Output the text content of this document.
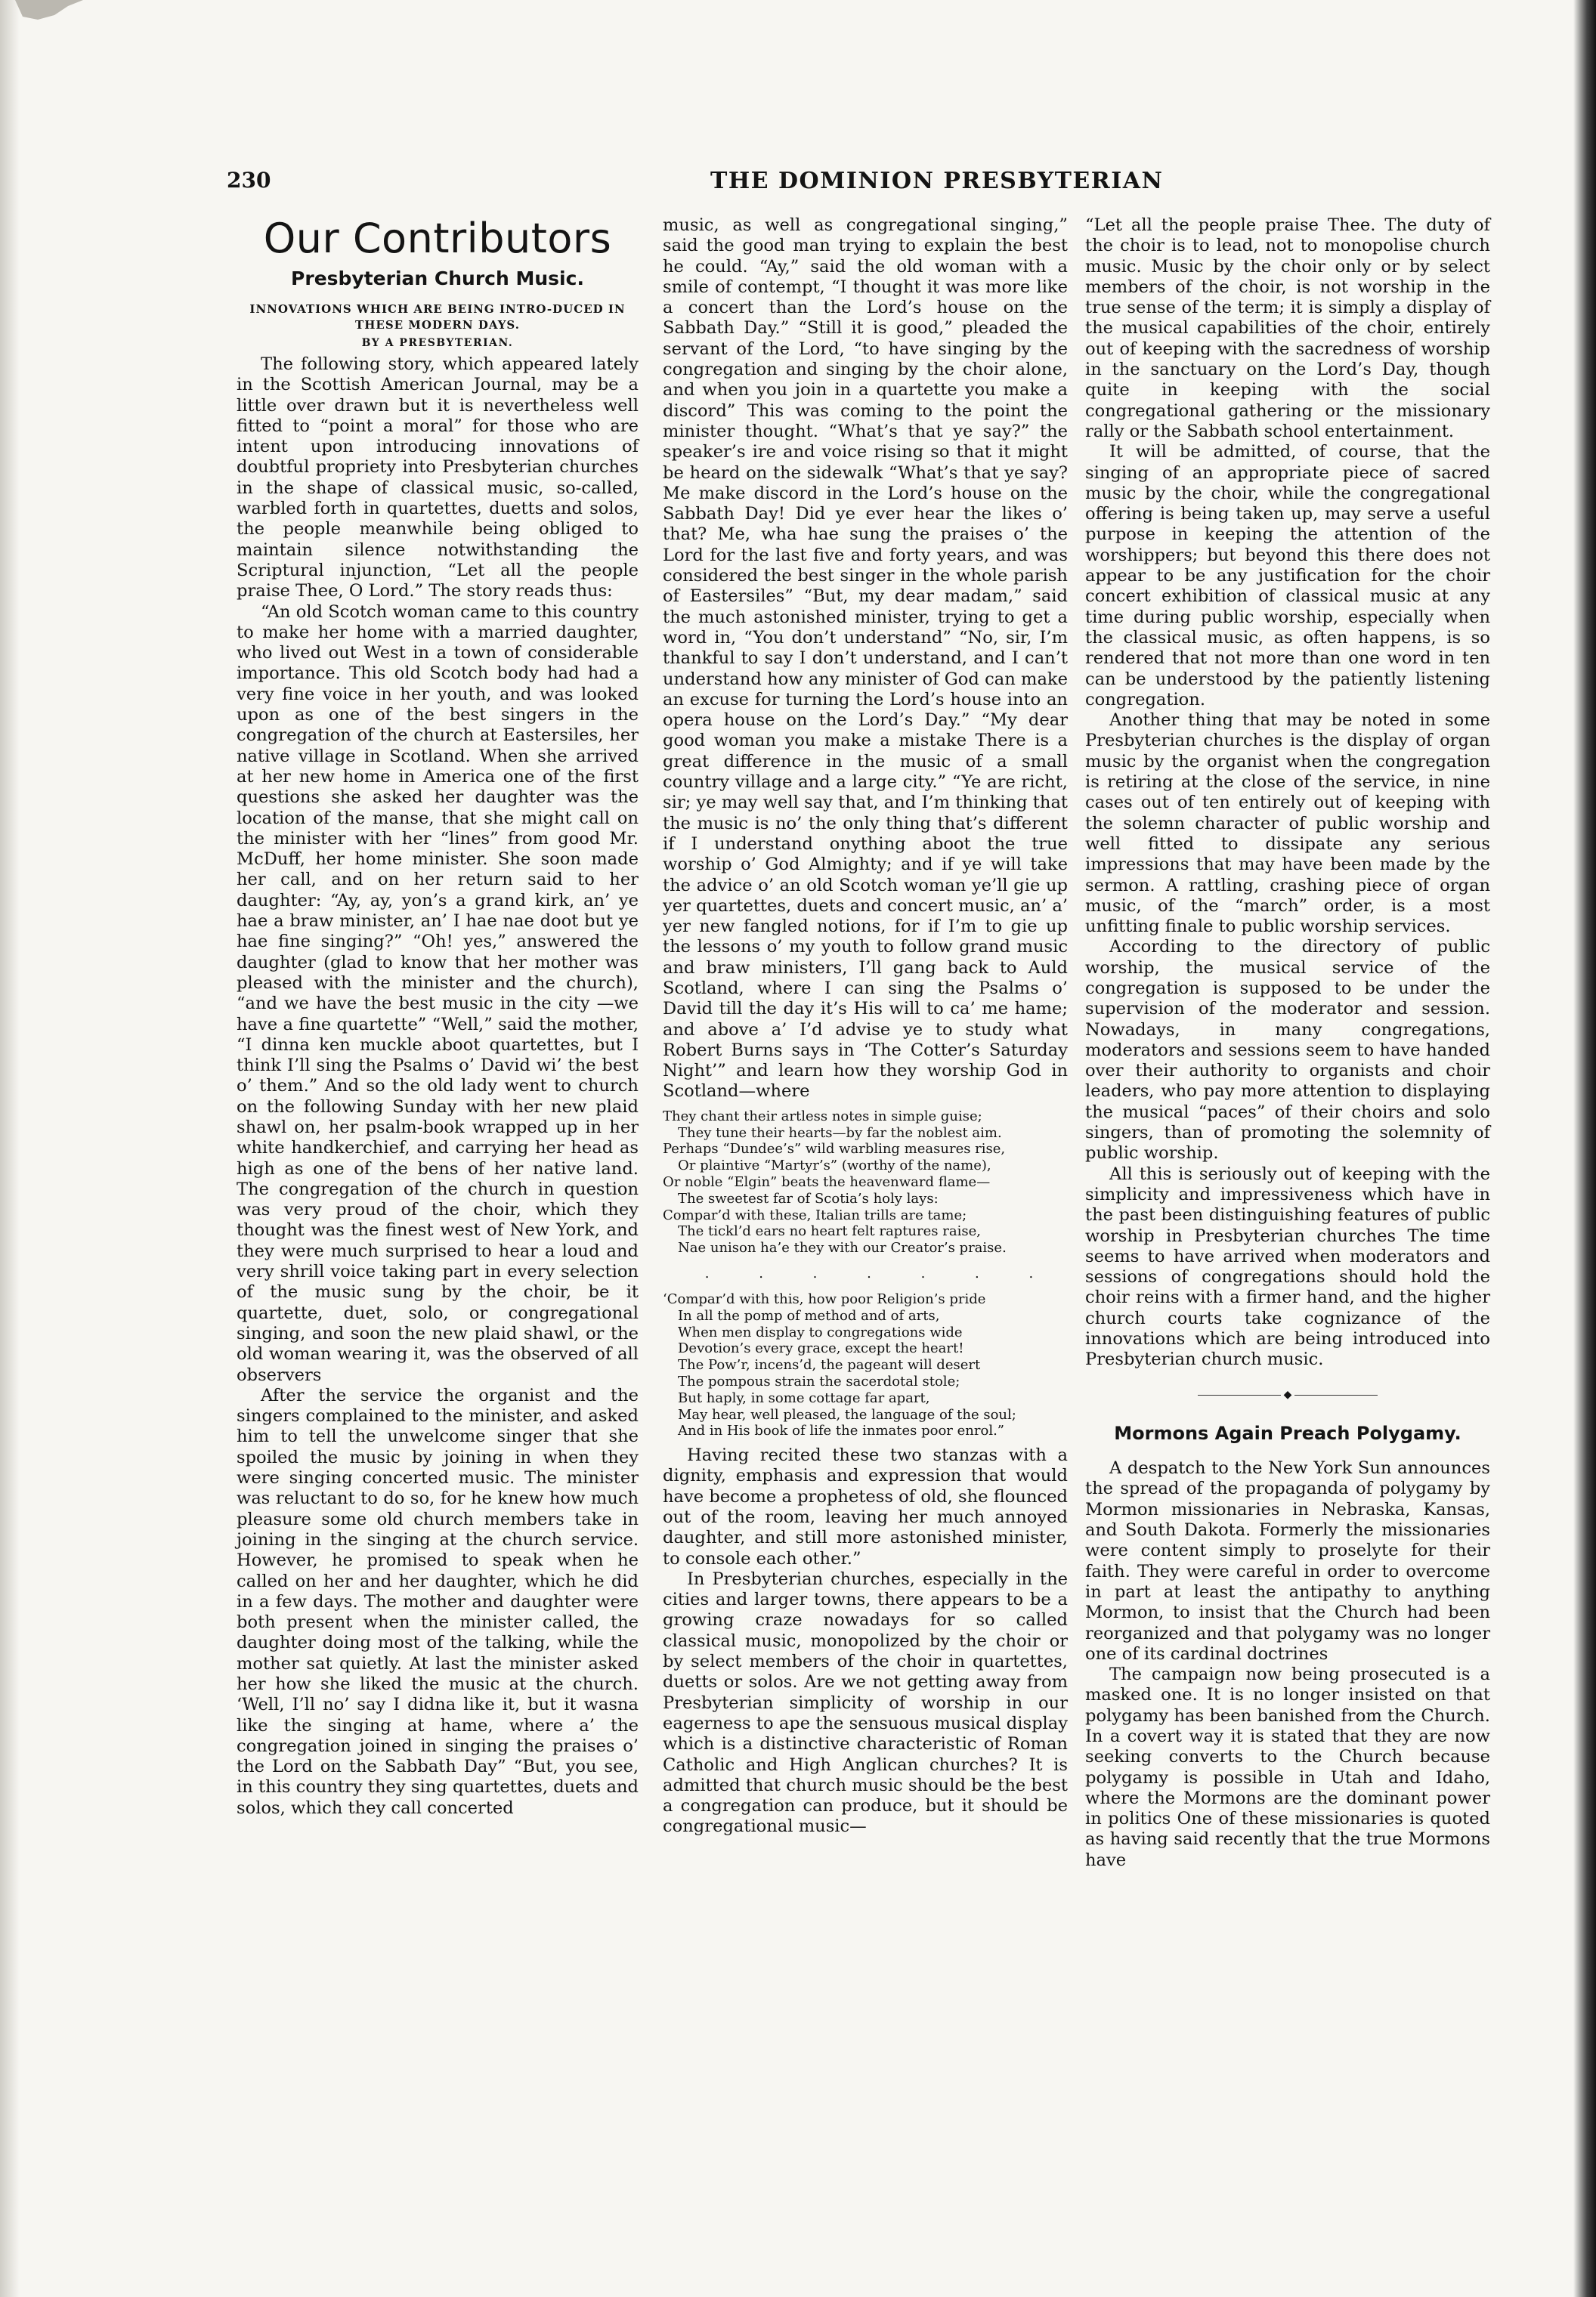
230	THE DOMINION PRESBYTERIAN
Our Contributors
Presbyterian Church Music.
INNOVATIONS WHICH ARE BEING INTRO-DUCED IN THESE MODERN DAYS.
BY A PRESBYTERIAN.

The following story, which appeared lately in the Scottish American Journal, may be a little over drawn but it is nevertheless well fitted to “point a moral” for those who are intent upon introducing innovations of doubtful propriety into Presbyterian churches in the shape of classical music, so-called, warbled forth in quartettes, duetts and solos, the people meanwhile being obliged to maintain silence notwithstanding the Scriptural injunction, “Let all the people praise Thee, O Lord.” The story reads thus:

“An old Scotch woman came to this country to make her home with a married daughter, who lived out West in a town of considerable importance. This old Scotch body had had a very fine voice in her youth, and was looked upon as one of the best singers in the congregation of the church at Eastersiles, her native village in Scotland. When she arrived at her new home in America one of the first questions she asked her daughter was the location of the manse, that she might call on the minister with her “lines” from good Mr. McDuff, her home minister. She soon made her call, and on her return said to her daughter: “Ay, ay, yon’s a grand kirk, an’ ye hae a braw minister, an’ I hae nae doot but ye hae fine singing?” “Oh! yes,” answered the daughter (glad to know that her mother was pleased with the minister and the church), “and we have the best music in the city —we have a fine quartette” “Well,” said the mother, “I dinna ken muckle aboot quartettes, but I think I’ll sing the Psalms o’ David wi’ the best o’ them.” And so the old lady went to church on the following Sunday with her new plaid shawl on, her psalm-book wrapped up in her white handkerchief, and carrying her head as high as one of the bens of her native land. The congregation of the church in question was very proud of the choir, which they thought was the finest west of New York, and they were much surprised to hear a loud and very shrill voice taking part in every selection of the music sung by the choir, be it quartette, duet, solo, or congregational singing, and soon the new plaid shawl, or the old woman wearing it, was the observed of all observers

After the service the organist and the singers complained to the minister, and asked him to tell the unwelcome singer that she spoiled the music by joining in when they were singing concerted music. The minister was reluctant to do so, for he knew how much pleasure some old church members take in joining in the singing at the church service. However, he promised to speak when he called on her and her daughter, which he did in a few days. The mother and daughter were both present when the minister called, the daughter doing most of the talking, while the mother sat quietly. At last the minister asked her how she liked the music at the church. ‘Well, I’ll no’ say I didna like it, but it wasna like the singing at hame, where a’ the congregation joined in singing the praises o’ the Lord on the Sabbath Day” “But, you see, in this country they sing quartettes, duets and solos, which they call concerted

music, as well as congregational singing,” said the good man trying to explain the best he could. “Ay,” said the old woman with a smile of contempt, “I thought it was more like a concert than the Lord’s house on the Sabbath Day.” “Still it is good,” pleaded the servant of the Lord, “to have singing by the congregation and singing by the choir alone, and when you join in a quartette you make a discord” This was coming to the point the minister thought. “What’s that ye say?” the speaker’s ire and voice rising so that it might be heard on the sidewalk “What’s that ye say? Me make discord in the Lord’s house on the Sabbath Day! Did ye ever hear the likes o’ that? Me, wha hae sung the praises o’ the Lord for the last five and forty years, and was considered the best singer in the whole parish of Eastersiles” “But, my dear madam,” said the much astonished minister, trying to get a word in, “You don’t understand” “No, sir, I’m thankful to say I don’t understand, and I can’t understand how any minister of God can make an excuse for turning the Lord’s house into an opera house on the Lord’s Day.” “My dear good woman you make a mistake There is a great difference in the music of a small country village and a large city.” “Ye are richt, sir; ye may well say that, and I’m thinking that the music is no’ the only thing that’s different if I understand onything aboot the true worship o’ God Almighty; and if ye will take the advice o’ an old Scotch woman ye’ll gie up yer quartettes, duets and concert music, an’ a’ yer new fangled notions, for if I’m to gie up the lessons o’ my youth to follow grand music and braw ministers, I’ll gang back to Auld Scotland, where I can sing the Psalms o’ David till the day it’s His will to ca’ me hame; and above a’ I’d advise ye to study what Robert Burns says in ‘The Cotter’s Saturday Night’” and learn how they worship God in Scotland—where

They chant their artless notes in simple guise;
They tune their hearts—by far the noblest aim.
Perhaps “Dundee’s” wild warbling measures rise,
Or plaintive “Martyr’s” (worthy of the name),
Or noble “Elgin” beats the heavenward flame—
The sweetest far of Scotia’s holy lays:
Compar’d with these, Italian trills are tame;
The tickl’d ears no heart felt raptures raise,
Nae unison ha’e they with our Creator’s praise.
. . . . . . .
‘Compar’d with this, how poor Religion’s pride
In all the pomp of method and of arts,
When men display to congregations wide
Devotion’s every grace, except the heart!
The Pow’r, incens’d, the pageant will desert
The pompous strain the sacerdotal stole;
But haply, in some cottage far apart,
May hear, well pleased, the language of the soul;
And in His book of life the inmates poor enrol.”

Having recited these two stanzas with a dignity, emphasis and expression that would have become a prophetess of old, she flounced out of the room, leaving her much annoyed daughter, and still more astonished minister, to console each other.”

In Presbyterian churches, especially in the cities and larger towns, there appears to be a growing craze nowadays for so called classical music, monopolized by the choir or by select members of the choir in quartettes, duetts or solos. Are we not getting away from Presbyterian simplicity of worship in our eagerness to ape the sensuous musical display which is a distinctive characteristic of Roman Catholic and High Anglican churches? It is admitted that church music should be the best a congregation can produce, but it should be congregational music—

“Let all the people praise Thee. The duty of the choir is to lead, not to monopolise church music. Music by the choir only or by select members of the choir, is not worship in the true sense of the term; it is simply a display of the musical capabilities of the choir, entirely out of keeping with the sacredness of worship in the sanctuary on the Lord’s Day, though quite in keeping with the social congregational gathering or the missionary rally or the Sabbath school entertainment.

It will be admitted, of course, that the singing of an appropriate piece of sacred music by the choir, while the congregational offering is being taken up, may serve a useful purpose in keeping the attention of the worshippers; but beyond this there does not appear to be any justification for the choir concert exhibition of classical music at any time during public worship, especially when the classical music, as often happens, is so rendered that not more than one word in ten can be understood by the patiently listening congregation.

Another thing that may be noted in some Presbyterian churches is the display of organ music by the organist when the congregation is retiring at the close of the service, in nine cases out of ten entirely out of keeping with the solemn character of public worship and well fitted to dissipate any serious impressions that may have been made by the sermon. A rattling, crashing piece of organ music, of the “march” order, is a most unfitting finale to public worship services.

According to the directory of public worship, the musical service of the congregation is supposed to be under the supervision of the moderator and session. Nowadays, in many congregations, moderators and sessions seem to have handed over their authority to organists and choir leaders, who pay more attention to displaying the musical “paces” of their choirs and solo singers, than of promoting the solemnity of public worship.

All this is seriously out of keeping with the simplicity and impressiveness which have in the past been distinguishing features of public worship in Presbyterian churches The time seems to have arrived when moderators and sessions of congregations should hold the choir reins with a firmer hand, and the higher church courts take cognizance of the innovations which are being introduced into Presbyterian church music.

◆
Mormons Again Preach Polygamy.

A despatch to the New York Sun announces the spread of the propaganda of polygamy by Mormon missionaries in Nebraska, Kansas, and South Dakota. Formerly the missionaries were content simply to proselyte for their faith. They were careful in order to overcome in part at least the antipathy to anything Mormon, to insist that the Church had been reorganized and that polygamy was no longer one of its cardinal doctrines

The campaign now being prosecuted is a masked one. It is no longer insisted on that polygamy has been banished from the Church. In a covert way it is stated that they are now seeking converts to the Church because polygamy is possible in Utah and Idaho, where the Mormons are the dominant power in politics One of these missionaries is quoted as having said recently that the true Mormons have
